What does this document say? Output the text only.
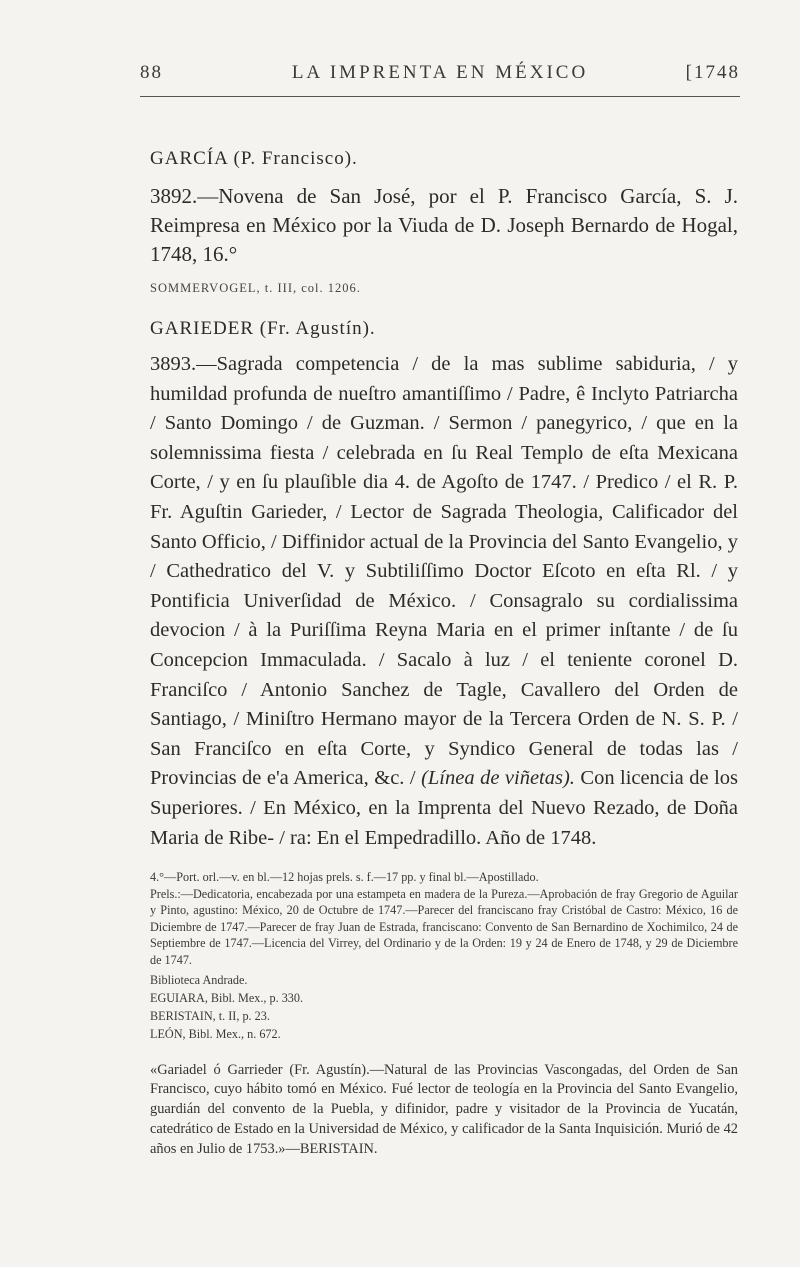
88	LA IMPRENTA EN MÉXICO	[1748
GARCÍA (P. Francisco).

3892.—Novena de San José, por el P. Francisco García, S. J. Reimpresa en México por la Viuda de D. Joseph Bernardo de Hogal, 1748, 16.°

SOMMERVOGEL, t. III, col. 1206.
GARIEDER (Fr. Agustín).

3893.—Sagrada competencia / de la mas sublime sabiduria, / y humildad profunda de nueſtro amantiſſimo / Padre, ê Inclyto Patriarcha / Santo Domingo / de Guzman. / Sermon / panegyrico, / que en la solemnissima fiesta / celebrada en ſu Real Templo de eſta Mexicana Corte, / y en ſu plauſible dia 4. de Agoſto de 1747. / Predico / el R. P. Fr. Aguſtin Garieder, / Lector de Sagrada Theologia, Calificador del Santo Officio, / Diffinidor actual de la Provincia del Santo Evangelio, y / Cathedratico del V. y Subtiliſſimo Doctor Eſcoto en eſta Rl. / y Pontificia Univerſidad de México. / Consagralo su cordialissima devocion / à la Puriſſima Reyna Maria en el primer inſtante / de ſu Concepcion Immaculada. / Sacalo à luz / el teniente coronel D. Franciſco / Antonio Sanchez de Tagle, Cavallero del Orden de Santiago, / Miniſtro Hermano mayor de la Tercera Orden de N. S. P. / San Franciſco en eſta Corte, y Syndico General de todas las / Provincias de e'a America, &c. / (Línea de viñetas). Con licencia de los Superiores. / En México, en la Imprenta del Nuevo Rezado, de Doña Maria de Ribe- / ra: En el Empedradillo. Año de 1748.

4.°—Port. orl.—v. en bl.—12 hojas prels. s. f.—17 pp. y final bl.—Apostillado.
Prels.:—Dedicatoria, encabezada por una estampeta en madera de la Pureza.—Aprobación de fray Gregorio de Aguilar y Pinto, agustino: México, 20 de Octubre de 1747.—Parecer del franciscano fray Cristóbal de Castro: México, 16 de Diciembre de 1747.—Parecer de fray Juan de Estrada, franciscano: Convento de San Bernardino de Xochimilco, 24 de Septiembre de 1747.—Licencia del Virrey, del Ordinario y de la Orden: 19 y 24 de Enero de 1748, y 29 de Diciembre de 1747.
Biblioteca Andrade.
EGUIARA, Bibl. Mex., p. 330.
BERISTAIN, t. II, p. 23.
LEÓN, Bibl. Mex., n. 672.
«Gariadel ó Garrieder (Fr. Agustín).—Natural de las Provincias Vascongadas, del Orden de San Francisco, cuyo hábito tomó en México. Fué lector de teología en la Provincia del Santo Evangelio, guardián del convento de la Puebla, y difinidor, padre y visitador de la Provincia de Yucatán, catedrático de Estado en la Universidad de México, y calificador de la Santa Inquisición. Murió de 42 años en Julio de 1753.»—BERISTAIN.
